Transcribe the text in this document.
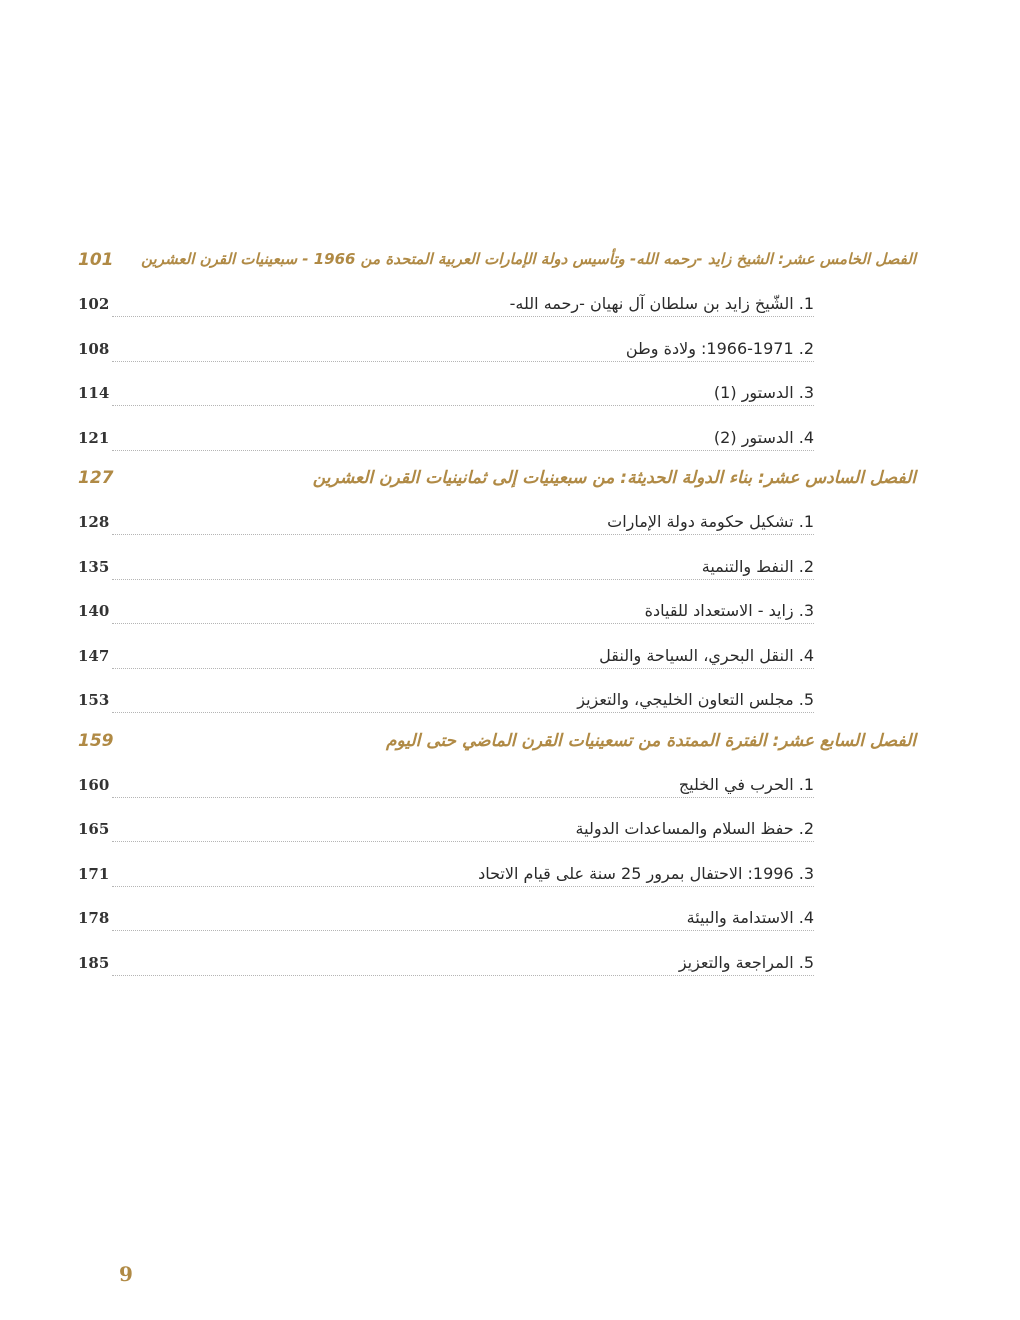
الفصل الخامس عشر: الشيخ زايد -رحمه الله- وتأسيس دولة الإمارات العربية المتحدة من 1966 - سبعينيات القرن العشرين
101
1. الشّيخ زايد بن سلطان آل نهيان -رحمه الله-
102
2. 1966-1971: ولادة وطن
108
3. الدستور (1)
114
4. الدستور (2)
121
الفصل السادس عشر: بناء الدولة الحديثة: من سبعينيات إلى ثمانينيات القرن العشرين
127
1. تشكيل حكومة دولة الإمارات
128
2. النفط والتنمية
135
3. زايد - الاستعداد للقيادة
140
4. النقل البحري، السياحة والنقل
147
5. مجلس التعاون الخليجي، والتعزيز
153
الفصل السابع عشر: الفترة الممتدة من تسعينيات القرن الماضي حتى اليوم
159
1. الحرب في الخليج
160
2. حفظ السلام والمساعدات الدولية
165
3. 1996: الاحتفال بمرور 25 سنة على قيام الاتحاد
171
4. الاستدامة والبيئة
178
5. المراجعة والتعزيز
185
9
